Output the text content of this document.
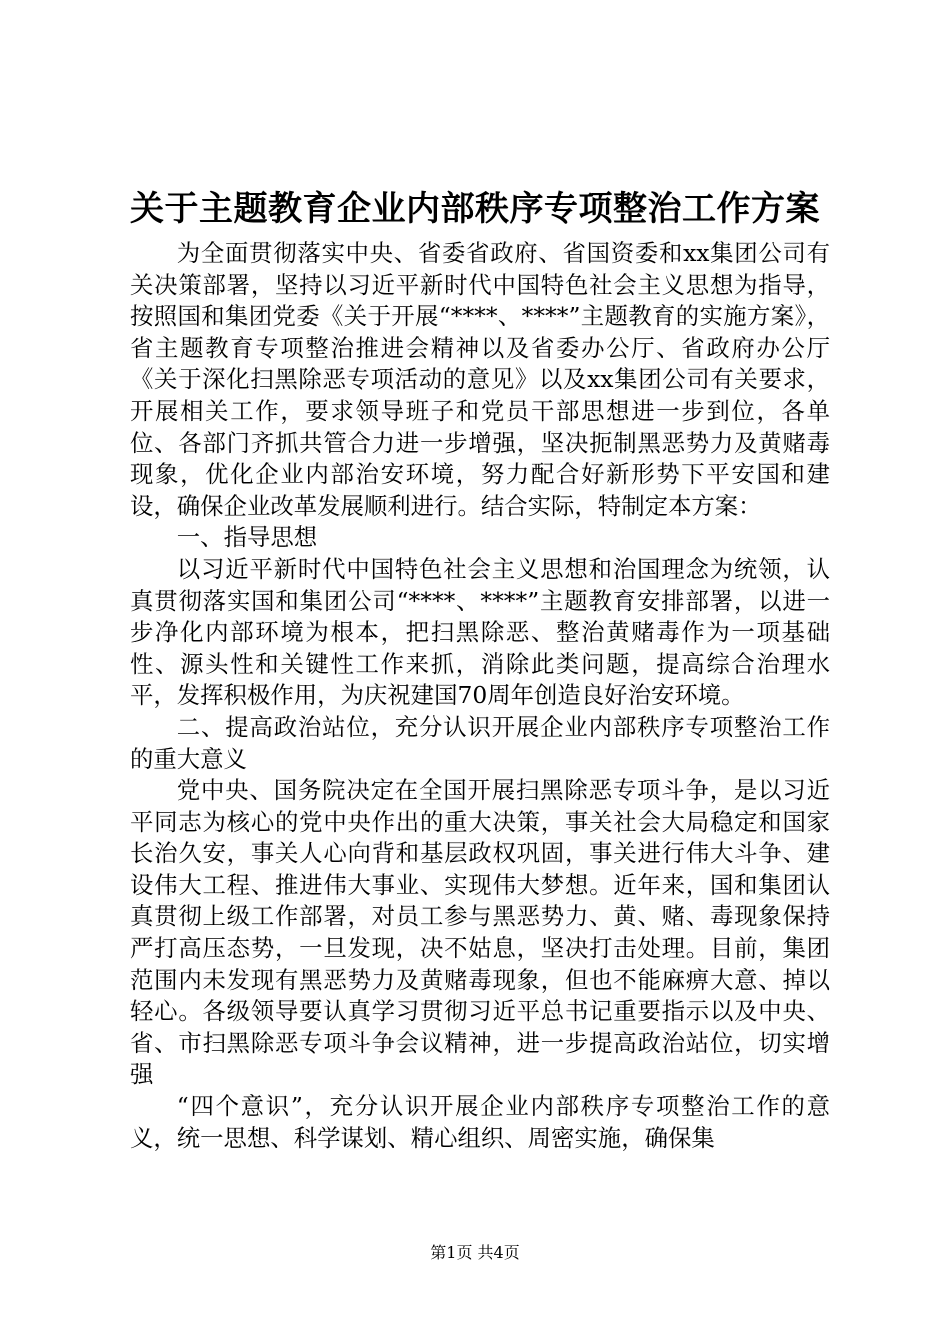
关于主题教育企业内部秩序专项整治工作方案

为全面贯彻落实中央、省委省政府、省国资委和xx集团公司有关决策部署，坚持以习近平新时代中国特色社会主义思想为指导，按照国和集团党委《关于开展“****、****”主题教育的实施方案》，省主题教育专项整治推进会精神以及省委办公厅、省政府办公厅《关于深化扫黑除恶专项活动的意见》以及xx集团公司有关要求，开展相关工作，要求领导班子和党员干部思想进一步到位，各单位、各部门齐抓共管合力进一步增强，坚决扼制黑恶势力及黄赌毒现象，优化企业内部治安环境，努力配合好新形势下平安国和建设，确保企业改革发展顺利进行。结合实际，特制定本方案：

一、指导思想

以习近平新时代中国特色社会主义思想和治国理念为统领，认真贯彻落实国和集团公司“****、****”主题教育安排部署，以进一步净化内部环境为根本，把扫黑除恶、整治黄赌毒作为一项基础性、源头性和关键性工作来抓，消除此类问题，提高综合治理水平，发挥积极作用，为庆祝建国70周年创造良好治安环境。

二、提高政治站位，充分认识开展企业内部秩序专项整治工作的重大意义

党中央、国务院决定在全国开展扫黑除恶专项斗争，是以习近平同志为核心的党中央作出的重大决策，事关社会大局稳定和国家长治久安，事关人心向背和基层政权巩固，事关进行伟大斗争、建设伟大工程、推进伟大事业、实现伟大梦想。近年来，国和集团认真贯彻上级工作部署，对员工参与黑恶势力、黄、赌、毒现象保持严打高压态势，一旦发现，决不姑息，坚决打击处理。目前，集团范围内未发现有黑恶势力及黄赌毒现象，但也不能麻痹大意、掉以轻心。各级领导要认真学习贯彻习近平总书记重要指示以及中央、省、市扫黑除恶专项斗争会议精神，进一步提高政治站位，切实增强

“四个意识”，充分认识开展企业内部秩序专项整治工作的意义，统一思想、科学谋划、精心组织、周密实施，确保集

第1页 共4页
